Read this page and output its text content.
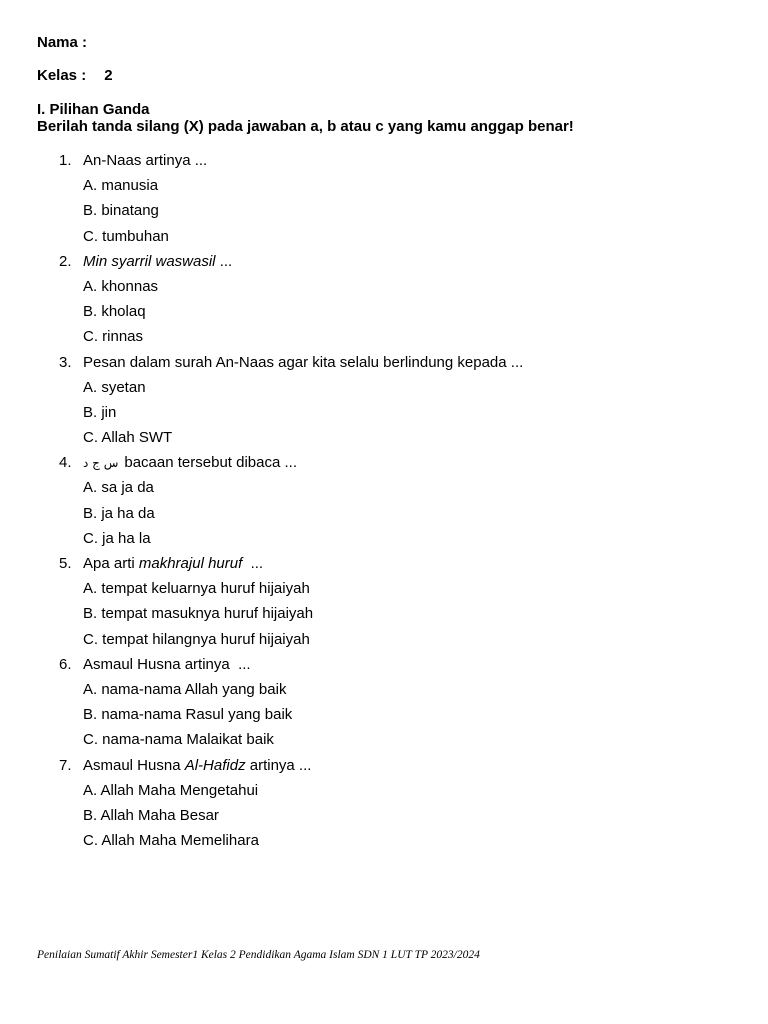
Nama :
Kelas : 2
I. Pilihan Ganda
Berilah tanda silang (X) pada jawaban a, b atau c yang kamu anggap benar!
1. An-Naas artinya ...
A. manusia
B. binatang
C. tumbuhan
2. Min syarril waswasil ...
A. khonnas
B. kholaq
C. rinnas
3. Pesan dalam surah An-Naas agar kita selalu berlindung kepada ...
A. syetan
B. jin
C. Allah SWT
4. س ج د bacaan tersebut dibaca ...
A. sa ja da
B. ja ha da
C. ja ha la
5. Apa arti makhrajul huruf  ...
A. tempat keluarnya huruf hijaiyah
B. tempat masuknya huruf hijaiyah
C. tempat hilangnya huruf hijaiyah
6. Asmaul Husna artinya  ...
A. nama-nama Allah yang baik
B. nama-nama Rasul yang baik
C. nama-nama Malaikat baik
7. Asmaul Husna Al-Hafidz artinya ...
A. Allah Maha Mengetahui
B. Allah Maha Besar
C. Allah Maha Memelihara
Penilaian Sumatif Akhir Semester1 Kelas 2 Pendidikan Agama Islam SDN 1 LUT TP 2023/2024
